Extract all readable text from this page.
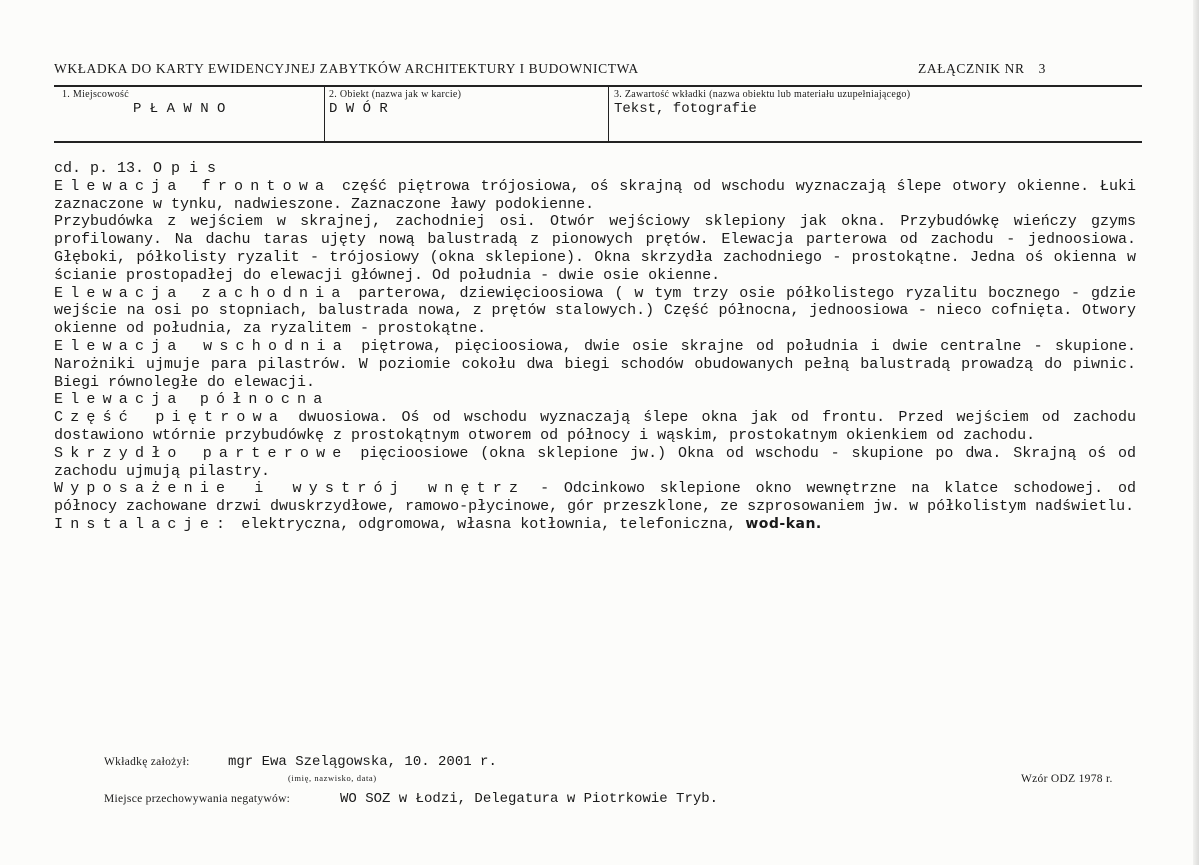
WKŁADKA DO KARTY EWIDENCYJNEJ ZABYTKÓW ARCHITEKTURY I BUDOWNICTWA	ZAŁĄCZNIK NR 3
1. Miejscowość
P Ł A W N O
2. Obiekt (nazwa jak w karcie)
D W Ó R
3. Zawartość wkładki (nazwa obiektu lub materiału uzupełniającego)
Tekst, fotografie

cd. p. 13. O p i s

Elewacja frontowa część piętrowa trójosiowa, oś skrajną od wschodu wyznaczają ślepe otwory okienne. Łuki zaznaczone w tynku, nadwieszone. Zaznaczone ławy podokienne.
Przybudówka z wejściem w skrajnej, zachodniej osi. Otwór wejściowy sklepiony jak okna. Przybudówkę wieńczy gzyms profilowany. Na dachu taras ujęty nową balustradą z pionowych prętów. Elewacja parterowa od zachodu - jednoosiowa. Głęboki, półkolisty ryzalit - trójosiowy (okna sklepione). Okna skrzydła zachodniego - prostokątne. Jedna oś okienna w ścianie prostopadłej do elewacji głównej. Od południa - dwie osie okienne.

Elewacja zachodnia parterowa, dziewięcioosiowa ( w tym trzy osie półkolistego ryzalitu bocznego - gdzie wejście na osi po stopniach, balustrada nowa, z prętów stalowych.) Część północna, jednoosiowa - nieco cofnięta. Otwory okienne od południa, za ryzalitem - prostokątne.

Elewacja wschodnia piętrowa, pięcioosiowa, dwie osie skrajne od południa i dwie centralne - skupione. Narożniki ujmuje para pilastrów. W poziomie cokołu dwa biegi schodów obudowanych pełną balustradą prowadzą do piwnic. Biegi równoległe do elewacji.

Elewacja północna
Część piętrowa dwuosiowa. Oś od wschodu wyznaczają ślepe okna jak od frontu. Przed wejściem od zachodu dostawiono wtórnie przybudówkę z prostokątnym otworem od północy i wąskim, prostokatnym okienkiem od zachodu.
Skrzydło parterowe pięcioosiowe (okna sklepione jw.) Okna od wschodu - skupione po dwa. Skrajną oś od zachodu ujmują pilastry.

Wyposażenie i wystrój wnętrz - Odcinkowo sklepione okno wewnętrzne na klatce schodowej. od północy zachowane drzwi dwuskrzydłowe, ramowo-płycinowe, gór przeszklone, ze szprosowaniem jw. w półkolistym nadświetlu.

Instalacje: elektryczna, odgromowa, własna kotłownia, telefoniczna, wod-kan.

Wkładkę założył:	mgr Ewa Szelągowska, 10. 2001 r.
(imię, nazwisko, data)
Miejsce przechowywania negatywów:	WO SOZ w Łodzi, Delegatura w Piotrkowie Tryb.
Wzór ODZ 1978 r.
